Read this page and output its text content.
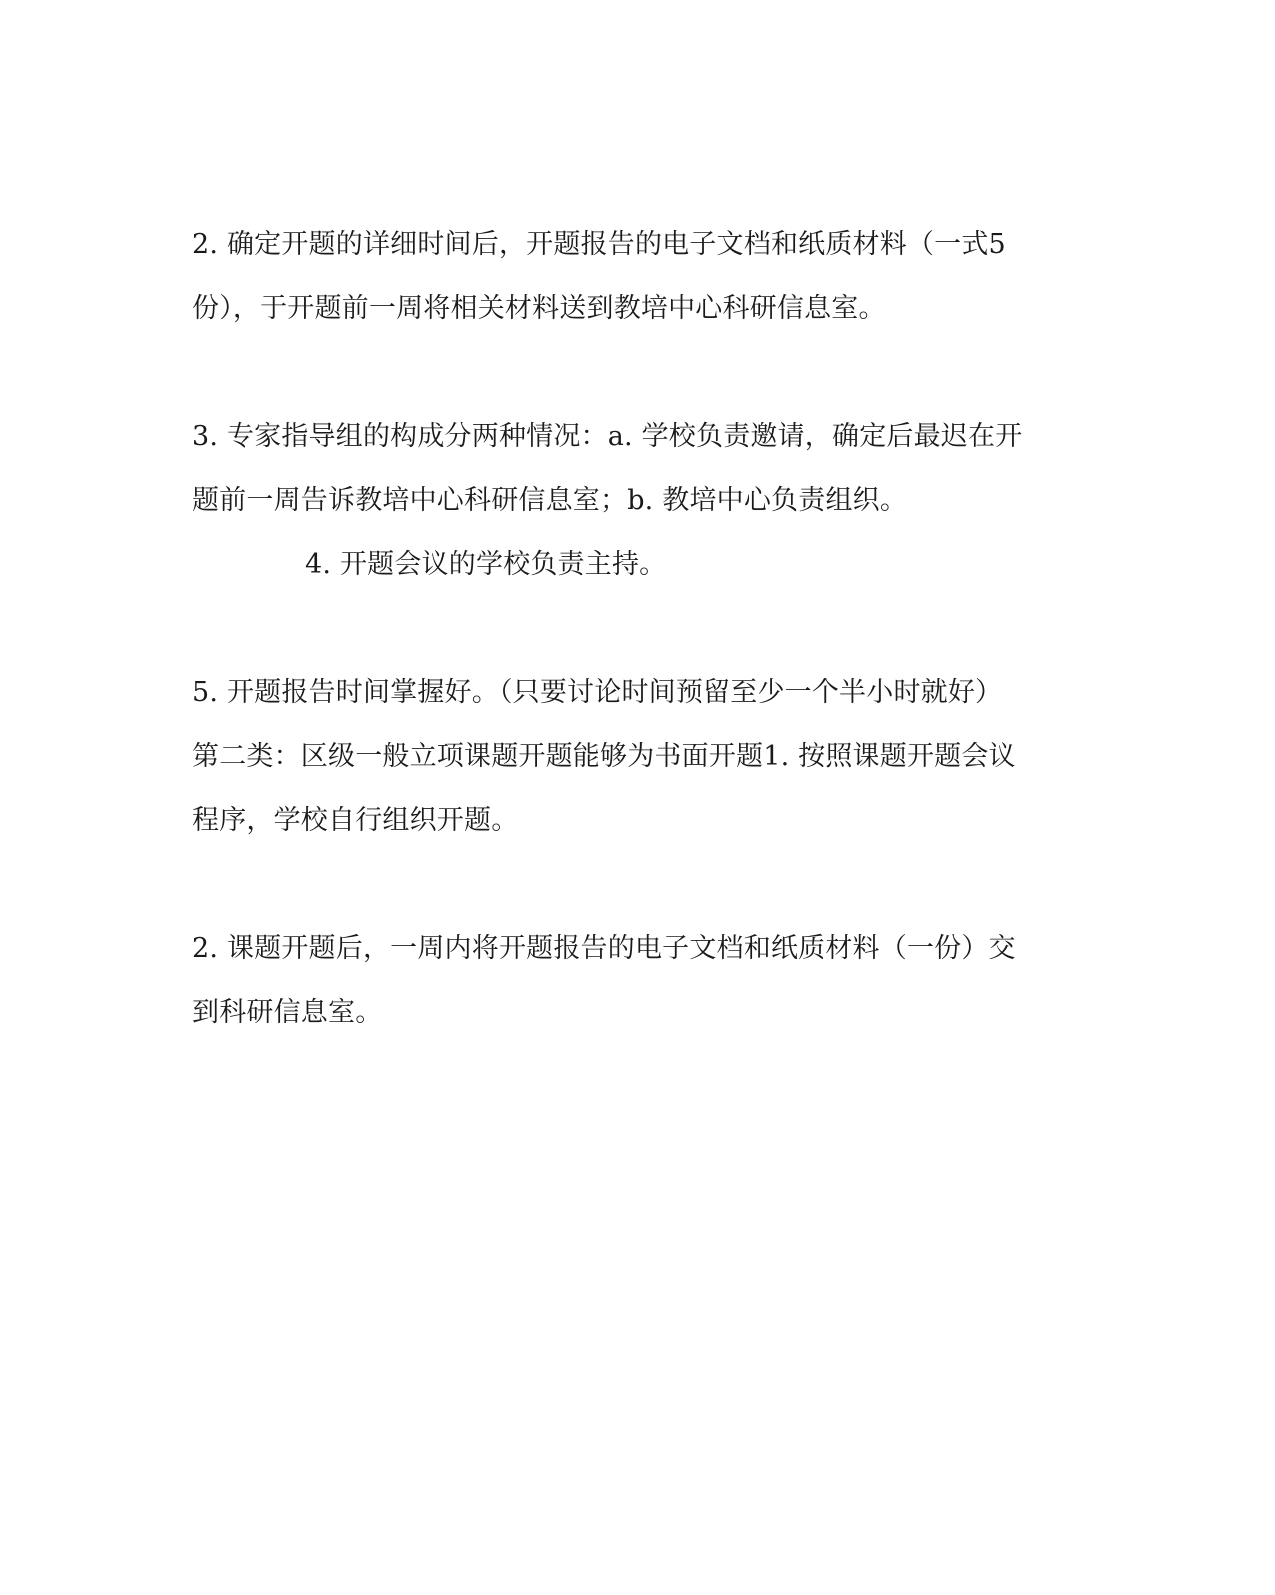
2. 确定开题的详细时间后，开题报告的电子文档和纸质材料（一式5
份），于开题前一周将相关材料送到教培中心科研信息室。
3. 专家指导组的构成分两种情况：a. 学校负责邀请，确定后最迟在开
题前一周告诉教培中心科研信息室；b. 教培中心负责组织。
4. 开题会议的学校负责主持。
5. 开题报告时间掌握好。（只要讨论时间预留至少一个半小时就好）
第二类：区级一般立项课题开题能够为书面开题1. 按照课题开题会议
程序，学校自行组织开题。
2. 课题开题后，一周内将开题报告的电子文档和纸质材料（一份）交
到科研信息室。
